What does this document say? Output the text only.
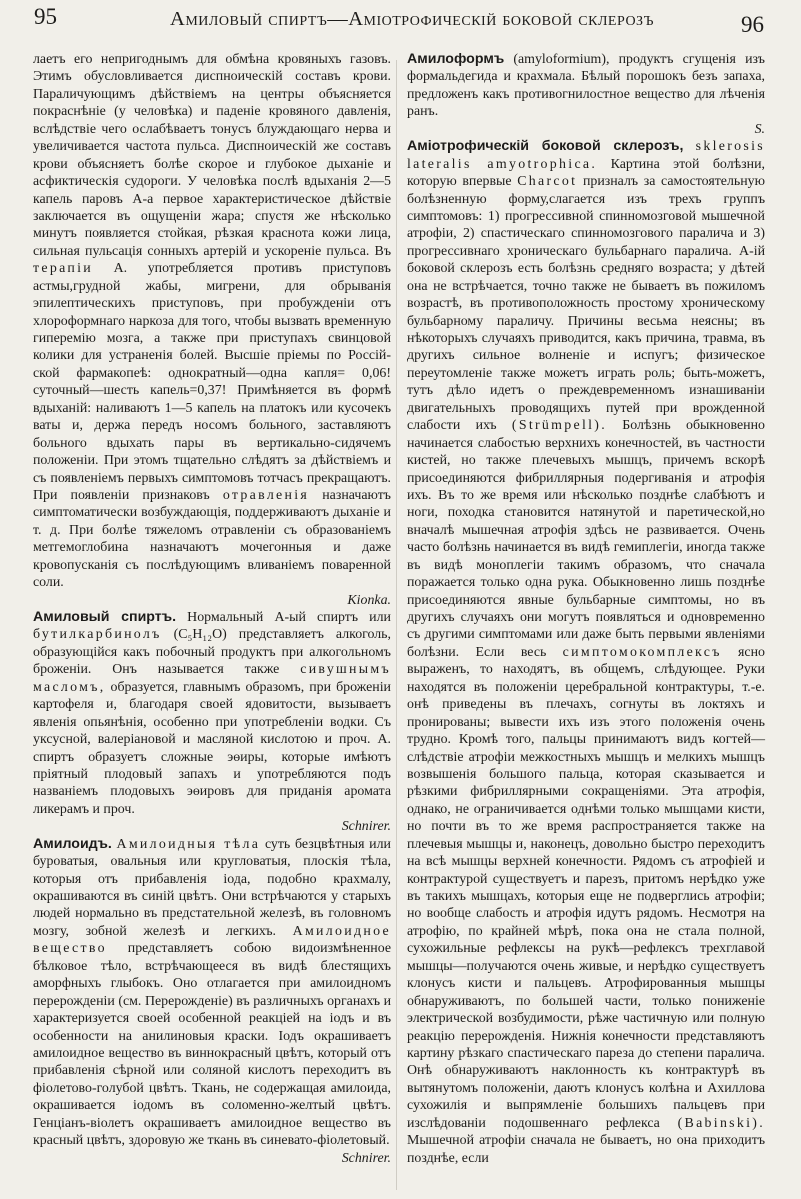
95	Амиловый спиртъ—Аміотрофическій боковой склерозъ	96

лаетъ его непригоднымъ для обмѣна кровяныхъ газовъ. Этимъ обусловливается диспноическій составъ крови. Параличующимъ дѣйствіемъ на центры объясняется покраснѣніе (у человѣка) и паденіе кровяного давленія, вслѣдствіе чего ослабѣваетъ тонусъ блуждающаго нерва и увеличивается частота пульса. Диспноическій же составъ крови объясняетъ болѣе скорое и глубокое дыханіе и асфиктическія судороги. У человѣка послѣ вдыханія 2—5 капель паровъ А-а первое характеристическое дѣйствіе заключается въ ощущеніи жара; спустя же нѣсколько минутъ появляется стойкая, рѣзкая краснота кожи лица, сильная пульсація сонныхъ артерій и ускореніе пульса. Въ терапіи А. употребляется противъ приступовъ астмы,грудной жабы, мигрени, для обрыванія эпилептическихъ приступовъ, при пробужденіи отъ хлороформнаго наркоза для того, чтобы вызвать временную гиперемію мозга, а также при приступахъ свинцовой колики для устраненія болей. Высшіе пріемы по Россій-ской фармакопеѣ: однократный—одна капля= 0,06! суточный—шесть капель=0,37! Примѣняется въ формѣ вдыханій: наливаютъ 1—5 капель на платокъ или кусочекъ ваты и, держа передъ носомъ больного, заставляютъ больного вдыхать пары въ вертикально-сидячемъ положеніи. При этомъ тщательно слѣдятъ за дѣйствіемъ и съ появленіемъ первыхъ симптомовъ тотчасъ прекращаютъ. При появленіи признаковъ отравленія назначаютъ симптоматически возбуждающія, поддерживаютъ дыханіе и т. д. При болѣе тяжеломъ отравленіи съ образованіемъ метгемоглобина назначаютъ мочегонныя и даже кровопусканія съ послѣдующимъ вливаніемъ поваренной соли.
Kionka.

Амиловый спиртъ. Нормальный А-ый спиртъ или бутилкарбинолъ (C₅H₁₂O) представляетъ алкоголь, образующійся какъ побочный продуктъ при алкогольномъ броженіи. Онъ называется также сивушнымъ масломъ, образуется, главнымъ образомъ, при броженіи картофеля и, благодаря своей ядовитости, вызываетъ явленія опьянѣнія, особенно при употребленіи водки. Съ уксусной, валеріановой и масляной кислотою и проч. А. спиртъ образуетъ сложные эѳиры, которые имѣютъ пріятный плодовый запахъ и употребляются подъ названіемъ плодовыхъ эѳировъ для приданія аромата ликерамъ и проч.
Schnirer.

Амилоидъ. Амилоидныя тѣла суть безцвѣтныя или буроватыя, овальныя или кругловатыя, плоскія тѣла, которыя отъ прибавленія іода, подобно крахмалу, окрашиваются въ синій цвѣтъ. Они встрѣчаются у старыхъ людей нормально въ предстательной железѣ, въ головномъ мозгу, зобной железѣ и легкихъ. Амилоидное вещество представляетъ собою видоизмѣненное бѣлковое тѣло, встрѣчающееся въ видѣ блестящихъ аморфныхъ глыбокъ. Оно отлагается при амилоидномъ перерожденіи (см. Перерожденіе) въ различныхъ органахъ и характеризуется своей особенной реакціей на іодъ и въ особенности на анилиновыя краски. Іодъ окрашиваетъ амилоидное вещество въ виннокрасный цвѣтъ, который отъ прибавленія сѣрной или соляной кислотъ переходитъ въ фіолетово-голубой цвѣтъ. Ткань, не содержащая амилоида, окрашивается іодомъ въ соломенно-желтый цвѣтъ. Генціанъ-віолетъ окрашиваетъ амилоидное вещество въ красный цвѣтъ, здоровую же ткань въ синевато-фіолетовый.
Schnirer.

Амилоформъ (amyloformium), продуктъ сгущенія изъ формальдегида и крахмала. Бѣлый порошокъ безъ запаха, предложенъ какъ противогнилостное вещество для лѣченія ранъ.
S.

Аміотрофическій боковой склерозъ, sklerosis lateralis amyotrophica. Картина этой болѣзни, которую впервые Charcot призналъ за самостоятельную болѣзненную форму,слагается изъ трехъ группъ симптомовъ: 1) прогрессивной спинномозговой мышечной атрофіи, 2) спастическаго спинномозгового паралича и 3) прогрессивнаго хроническаго бульбарнаго паралича. А-ій боковой склерозъ есть болѣзнь средняго возраста; у дѣтей она не встрѣчается, точно также не бываетъ въ пожиломъ возрастѣ, въ противоположность простому хроническому бульбарному параличу. Причины весьма неясны; въ нѣкоторыхъ случаяхъ приводится, какъ причина, травма, въ другихъ сильное волненіе и испугъ; физическое переутомленіе также можетъ играть роль; быть-можетъ, тутъ дѣло идетъ о преждевременномъ изнашиваніи двигательныхъ проводящихъ путей при врожденной слабости ихъ (Strümpell). Болѣзнь обыкновенно начинается слабостью верхнихъ конечностей, въ частности кистей, но также плечевыхъ мышцъ, причемъ вскорѣ присоединяются фибриллярныя подергиванія и атрофія ихъ. Въ то же время или нѣсколько позднѣе слабѣютъ и ноги, походка становится натянутой и паретической,но вначалѣ мышечная атрофія здѣсь не развивается. Очень часто болѣзнь начинается въ видѣ гемиплегіи, иногда также въ видѣ моноплегіи такимъ образомъ, что сначала поражается только одна рука. Обыкновенно лишь позднѣе присоединяются явные бульбарные симптомы, но въ другихъ случаяхъ они могутъ появляться и одновременно съ другими симптомами или даже быть первыми явленіями болѣзни. Если весь симптомокомплексъ ясно выраженъ, то находятъ, въ общемъ, слѣдующее. Руки находятся въ положеніи церебральной контрактуры, т.-е. онѣ приведены въ плечахъ, согнуты въ локтяхъ и пронированы; вывести ихъ изъ этого положенія очень трудно. Кромѣ того, пальцы принимаютъ видъ когтей—слѣдствіе атрофіи межкостныхъ мышцъ и мелкихъ мышцъ возвышенія большого пальца, которая сказывается и рѣзкими фибриллярными сокращеніями. Эта атрофія, однако, не ограничивается однѣми только мышцами кисти, но почти въ то же время распространяется также на плечевыя мышцы и, наконецъ, довольно быстро переходитъ на всѣ мышцы верхней конечности. Рядомъ съ атрофіей и контрактурой существуетъ и парезъ, притомъ нерѣдко уже въ такихъ мышцахъ, которыя еще не подверглись атрофіи; но вообще слабость и атрофія идутъ рядомъ. Несмотря на атрофію, по крайней мѣрѣ, пока она не стала полной, сухожильные рефлексы на рукѣ—рефлексъ трехглавой мышцы—получаются очень живые, и нерѣдко существуетъ клонусъ кисти и пальцевъ. Атрофированныя мышцы обнаруживаютъ, по большей части, только пониженіе электрической возбудимости, рѣже частичную или полную реакцію перерожденія. Нижнія конечности представляютъ картину рѣзкаго спастическаго пареза до степени паралича. Онѣ обнаруживаютъ наклонность къ контрактурѣ въ вытянутомъ положеніи, даютъ клонусъ колѣна и Ахиллова сухожилія и выпрямленіе большихъ пальцевъ при изслѣдованіи подошвеннаго рефлекса (Babinski). Мышечной атрофіи сначала не бываетъ, но она приходитъ позднѣе, если
